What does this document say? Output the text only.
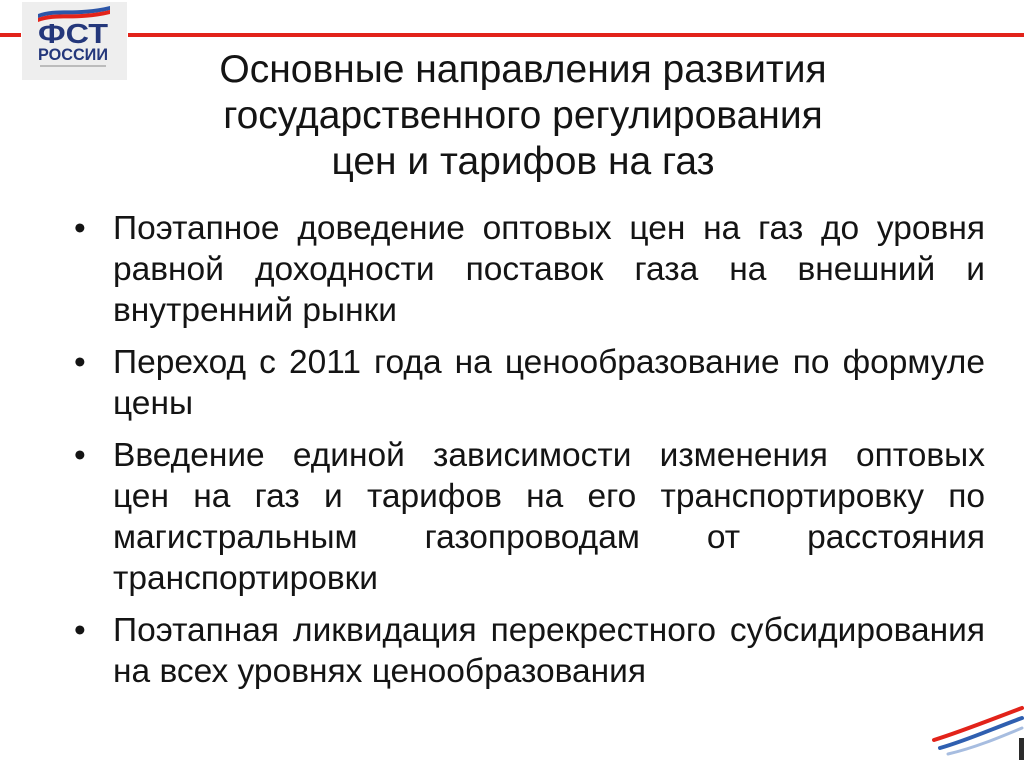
ФСТ
РОССИИ	Основные направления развития
государственного регулирования
цен и тарифов на газ
• Поэтапное доведение оптовых цен на газ до уровня
равной доходности поставок газа на внешний и
внутренний рынки
• Переход с 2011 года на ценообразование по формуле
цены
• Введение единой зависимости изменения оптовых
цен на газ и тарифов на его транспортировку по
магистральным газопроводам от расстояния
транспортировки
• Поэтапная ликвидация перекрестного субсидирования
на всех уровнях ценообразования
